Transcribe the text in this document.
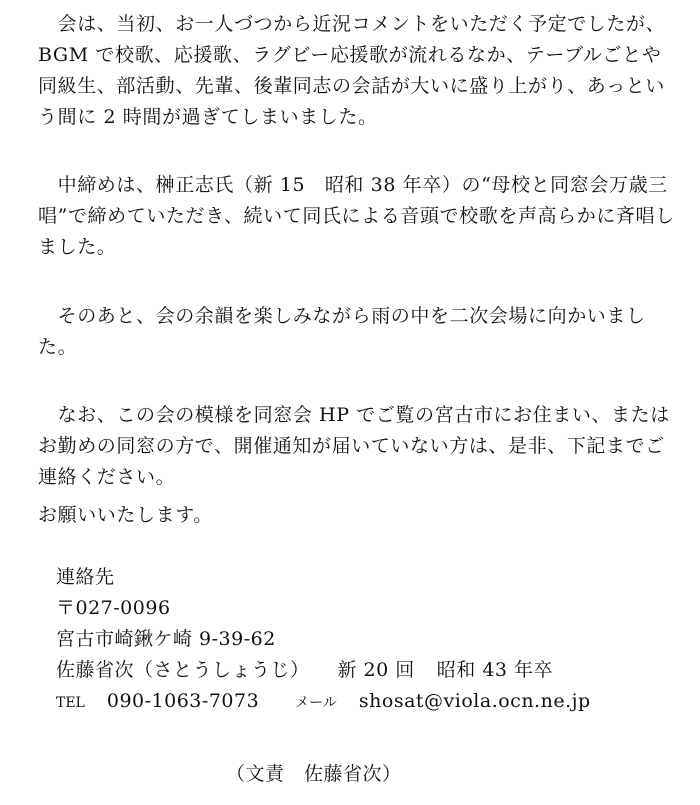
　会は、当初、お一人づつから近況コメントをいただく予定でしたが、BGM で校歌、応援歌、ラグビー応援歌が流れるなか、テーブルごとや同級生、部活動、先輩、後輩同志の会話が大いに盛り上がり、あっという間に 2 時間が過ぎてしまいました。

　中締めは、榊正志氏（新 15　昭和 38 年卒）の“母校と同窓会万歳三唱”で締めていただき、続いて同氏による音頭で校歌を声高らかに斉唱しました。

　そのあと、会の余韻を楽しみながら雨の中を二次会場に向かいました。

　なお、この会の模様を同窓会 HP でご覧の宮古市にお住まい、またはお勤めの同窓の方で、開催通知が届いていない方は、是非、下記までご連絡ください。

お願いいたします。

連絡先
〒027-0096
宮古市崎鍬ケ崎 9-39-62
佐藤省次（さとうしょうじ） 新 20 回 昭和 43 年卒
TEL 090-1063-7073	メール shosat@viola.ocn.ne.jp
（文責　佐藤省次）
